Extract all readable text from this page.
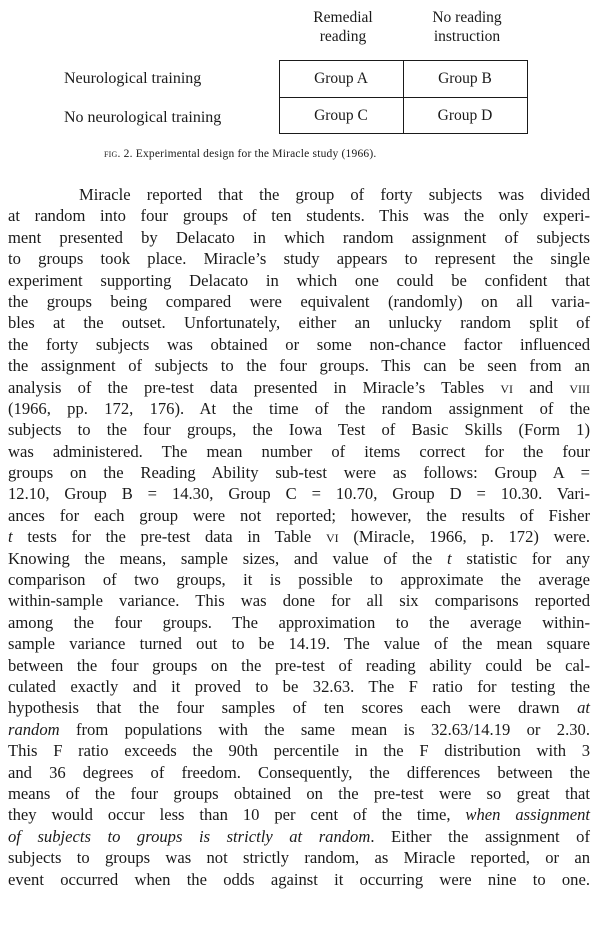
Remedial
reading
No reading
instruction
Neurological training
No neurological training
Group A	Group B
Group C	Group D
fig. 2. Experimental design for the Miracle study (1966).
Miracle reported that the group of forty subjects was divided
at random into four groups of ten students. This was the only experi-
ment presented by Delacato in which random assignment of subjects
to groups took place. Miracle’s study appears to represent the single
experiment supporting Delacato in which one could be confident that
the groups being compared were equivalent (randomly) on all varia-
bles at the outset. Unfortunately, either an unlucky random split of
the forty subjects was obtained or some non-chance factor influenced
the assignment of subjects to the four groups. This can be seen from an
analysis of the pre-test data presented in Miracle’s Tables vi and viii
(1966, pp. 172, 176). At the time of the random assignment of the
subjects to the four groups, the Iowa Test of Basic Skills (Form 1)
was administered. The mean number of items correct for the four
groups on the Reading Ability sub-test were as follows: Group A =
12.10, Group B = 14.30, Group C = 10.70, Group D = 10.30. Vari-
ances for each group were not reported; however, the results of Fisher
t tests for the pre-test data in Table vi (Miracle, 1966, p. 172) were.
Knowing the means, sample sizes, and value of the t statistic for any
comparison of two groups, it is possible to approximate the average
within-sample variance. This was done for all six comparisons reported
among the four groups. The approximation to the average within-
sample variance turned out to be 14.19. The value of the mean square
between the four groups on the pre-test of reading ability could be cal-
culated exactly and it proved to be 32.63. The F ratio for testing the
hypothesis that the four samples of ten scores each were drawn at
random from populations with the same mean is 32.63/14.19 or 2.30.
This F ratio exceeds the 90th percentile in the F distribution with 3
and 36 degrees of freedom. Consequently, the differences between the
means of the four groups obtained on the pre-test were so great that
they would occur less than 10 per cent of the time, when assignment
of subjects to groups is strictly at random. Either the assignment of
subjects to groups was not strictly random, as Miracle reported, or an
event occurred when the odds against it occurring were nine to one.
